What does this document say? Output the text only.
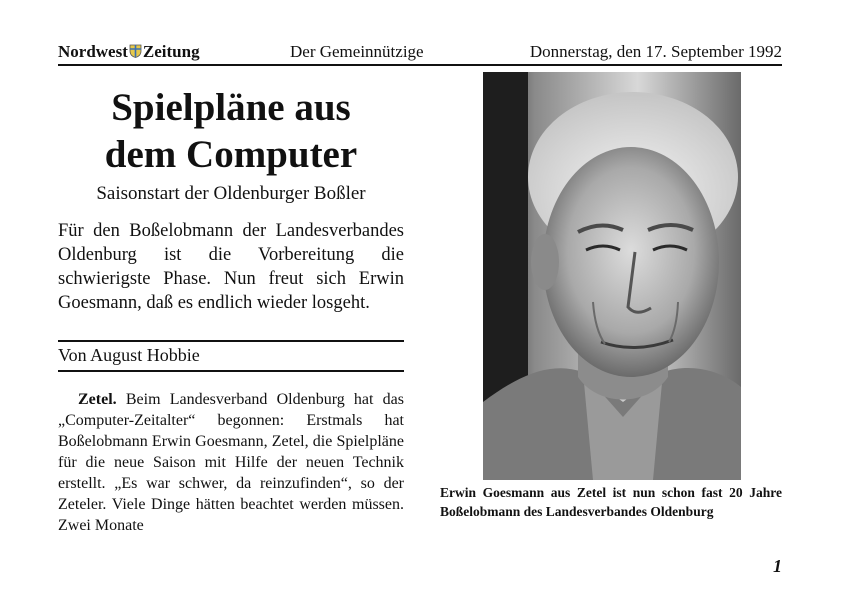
Nordwest Zeitung	Der Gemeinnützige	Donnerstag, den 17. September 1992
Spielpläne aus
dem Computer
Saisonstart der Oldenburger Boßler
Für den Boßelobmann der Landesverbandes Oldenburg ist die Vorbereitung die schwierigste Phase. Nun freut sich Erwin Goesmann, daß es endlich wieder losgeht.
Von August Hobbie
Zetel. Beim Landesverband Oldenburg hat das „Computer-Zeitalter“ begonnen: Erstmals hat Boßelobmann Erwin Goesmann, Zetel, die Spielpläne für die neue Saison mit Hilfe der neuen Technik erstellt. „Es war schwer, da reinzufinden“, so der Zeteler. Viele Dinge hätten beachtet werden müssen. Zwei Monate
Erwin Goesmann aus Zetel ist nun schon fast 20 Jahre Boßelobmann des Landesverbandes Oldenburg
1
